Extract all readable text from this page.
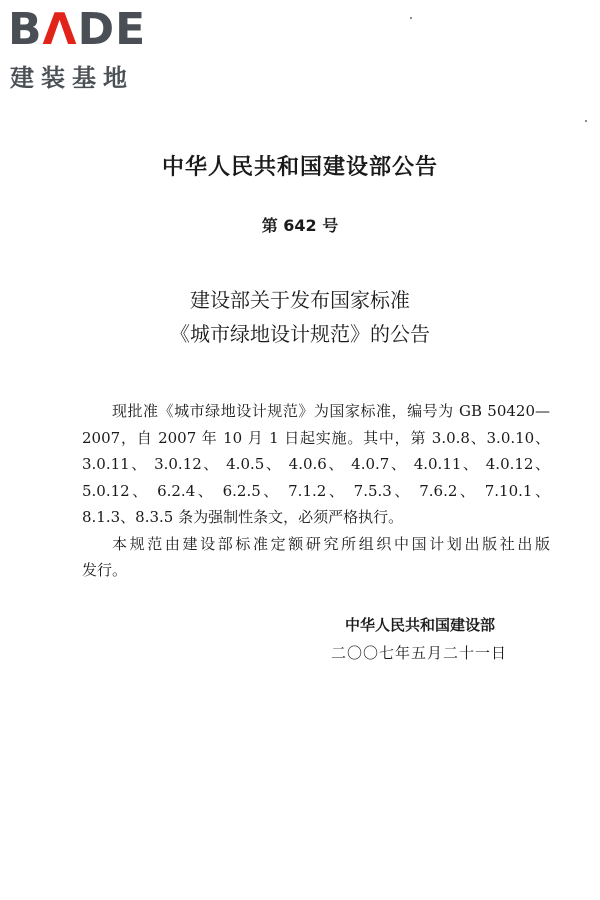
BΛDE
建装基地
中华人民共和国建设部公告
第 642 号
建设部关于发布国家标准
《城市绿地设计规范》的公告
现批准《城市绿地设计规范》为国家标准，编号为 GB 50420—
2007，自 2007 年 10 月 1 日起实施。其中，第 3.0.8、3.0.10、
3.0.11、 3.0.12、 4.0.5、 4.0.6、 4.0.7、 4.0.11、 4.0.12、
5.0.12、 6.2.4、 6.2.5、 7.1.2、 7.5.3、 7.6.2、 7.10.1、
8.1.3、8.3.5 条为强制性条文，必须严格执行。
本规范由建设部标准定额研究所组织中国计划出版社出版
发行。
中华人民共和国建设部
二〇〇七年五月二十一日
